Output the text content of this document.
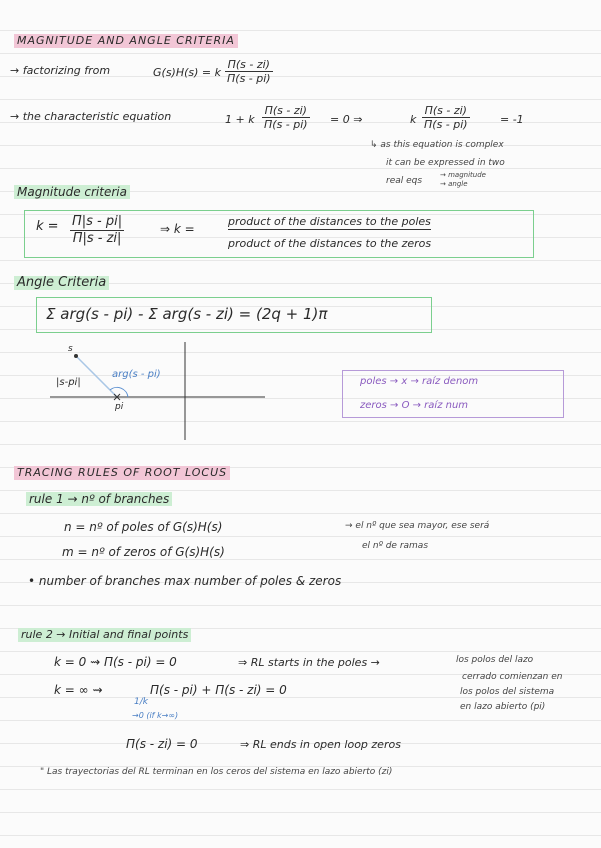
MAGNITUDE AND ANGLE CRITERIA
→ factorizing from	G(s)H(s) = k $\frac{\Pi(s - zi)}{\Pi(s - pi)}$
→ the characteristic equation	1 + k $\frac{\Pi(s - zi)}{\Pi(s - pi)} = 0$ ⇒	k $\frac{\Pi(s - zi)}{\Pi(s - pi)}$	= -1
↳ as this equation is complex
it can be expressed in two
real eqs
→ magnitude
→ angle
Magnitude criteria
$k = \frac{\Pi|s - pi|}{\Pi|s - zi|}$	⇒ k =
product of the distances to the poles
product of the distances to the zeros
Angle Criteria
Σ arg(s - pi) - Σ arg(s - zi) = (2q + 1)π
s
|s-pi|
arg(s - pi)
pi
poles → x → raíz denom
zeros → O → raíz num
TRACING RULES OF ROOT LOCUS
rule 1 → nº of branches
n = nº of poles of G(s)H(s)
m = nº of zeros of G(s)H(s)
→ el nº que sea mayor, ese será
el nº de ramas
• number of branches max number of poles & zeros
rule 2 → Initial and final points
k = 0 ⇝ Π(s - pi) = 0	⇒ RL starts in the poles →	los polos del lazo
cerrado comienzan en
los polos del sistema
en lazo abierto (pi)
k = ∞ ⇝	Π(s - pi) + Π(s - zi) = 0
1/k
→0 (if k→∞)
Π(s - zi) = 0	⇒ RL ends in open loop zeros
" Las trayectorias del RL terminan en los ceros del sistema en lazo abierto (zi)
